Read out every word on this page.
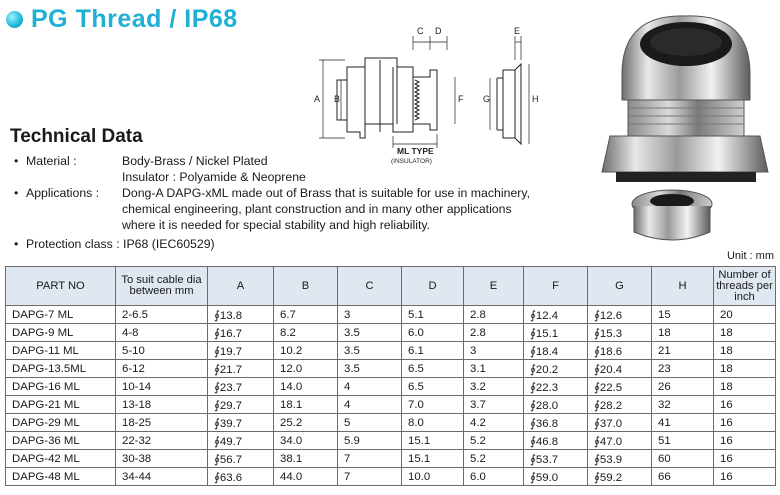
PG Thread / IP68
A B
C D	E
F G	H
ML TYPE
(INSULATOR)
Technical Data
• Material :	Body-Brass / Nickel Plated
Insulator : Polyamide & Neoprene
• Applications : Dong-A DAPG-xML made out of Brass that is suitable for use in machinery,
chemical engineering, plant construction and in many other applications
where it is needed for special stability and high reliability.
• Protection class : IP68 (IEC60529)
Unit : mm
PART NO	To suit cable dia between mm	A	B	C	D	E	F	G	H	Number of threads per inch
DAPG-7 ML	2-6.5	∮13.8	6.7	3	5.1	2.8	∮12.4	∮12.6	15	20
DAPG-9 ML	4-8	∮16.7	8.2	3.5	6.0	2.8	∮15.1	∮15.3	18	18
DAPG-11 ML	5-10	∮19.7	10.2	3.5	6.1	3	∮18.4	∮18.6	21	18
DAPG-13.5ML	6-12	∮21.7	12.0	3.5	6.5	3.1	∮20.2	∮20.4	23	18
DAPG-16 ML	10-14	∮23.7	14.0	4	6.5	3.2	∮22.3	∮22.5	26	18
DAPG-21 ML	13-18	∮29.7	18.1	4	7.0	3.7	∮28.0	∮28.2	32	16
DAPG-29 ML	18-25	∮39.7	25.2	5	8.0	4.2	∮36.8	∮37.0	41	16
DAPG-36 ML	22-32	∮49.7	34.0	5.9	15.1	5.2	∮46.8	∮47.0	51	16
DAPG-42 ML	30-38	∮56.7	38.1	7	15.1	5.2	∮53.7	∮53.9	60	16
DAPG-48 ML	34-44	∮63.6	44.0	7	10.0	6.0	∮59.0	∮59.2	66	16
